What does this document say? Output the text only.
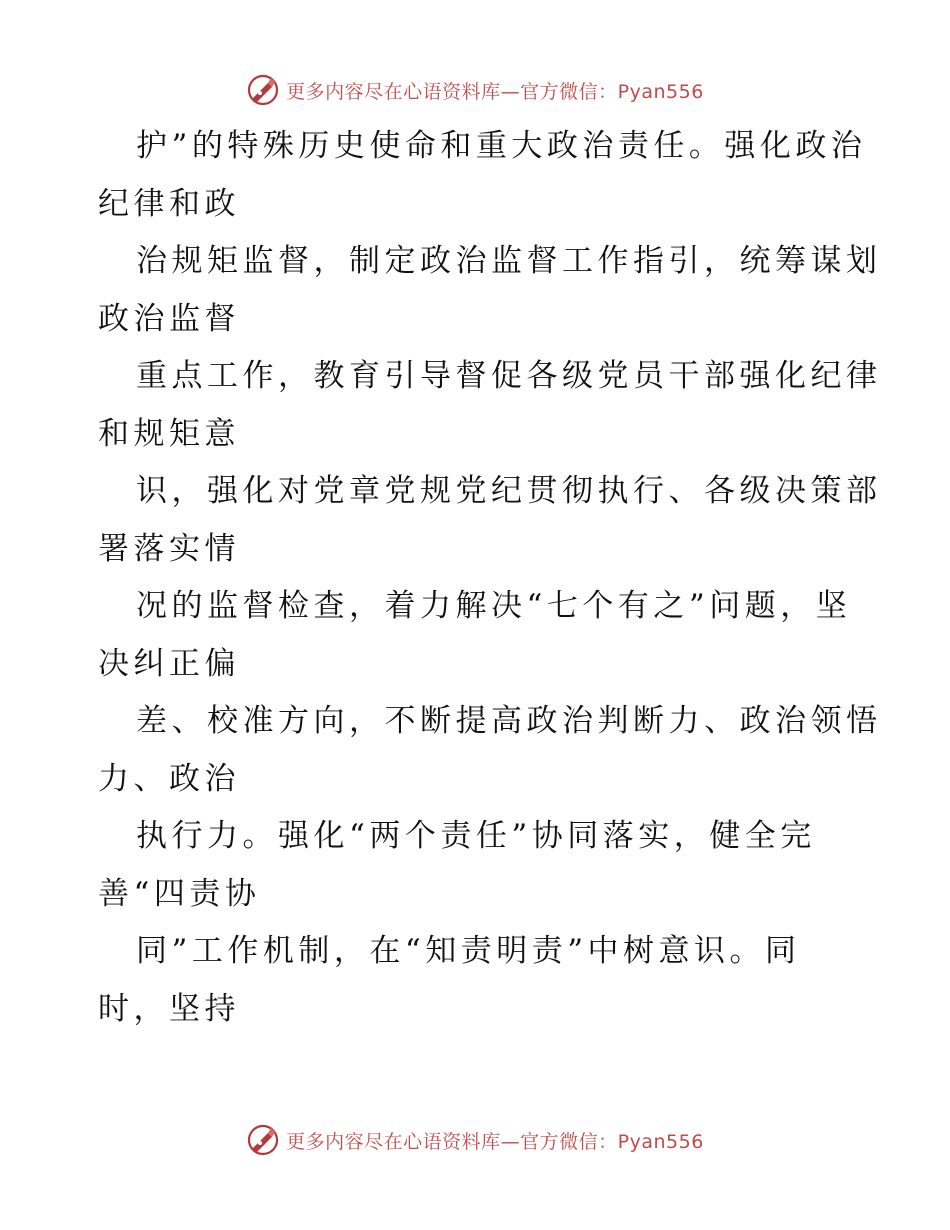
更多内容尽在心语资料库—官方微信：Pyan556
护”的特殊历史使命和重大政治责任。强化政治
纪律和政
治规矩监督，制定政治监督工作指引，统筹谋划
政治监督
重点工作，教育引导督促各级党员干部强化纪律
和规矩意
识，强化对党章党规党纪贯彻执行、各级决策部
署落实情
况的监督检查，着力解决“七个有之”问题，坚
决纠正偏
差、校准方向，不断提高政治判断力、政治领悟
力、政治
执行力。强化“两个责任”协同落实，健全完
善“四责协
同”工作机制，在“知责明责”中树意识。同
时，坚持
更多内容尽在心语资料库—官方微信：Pyan556
